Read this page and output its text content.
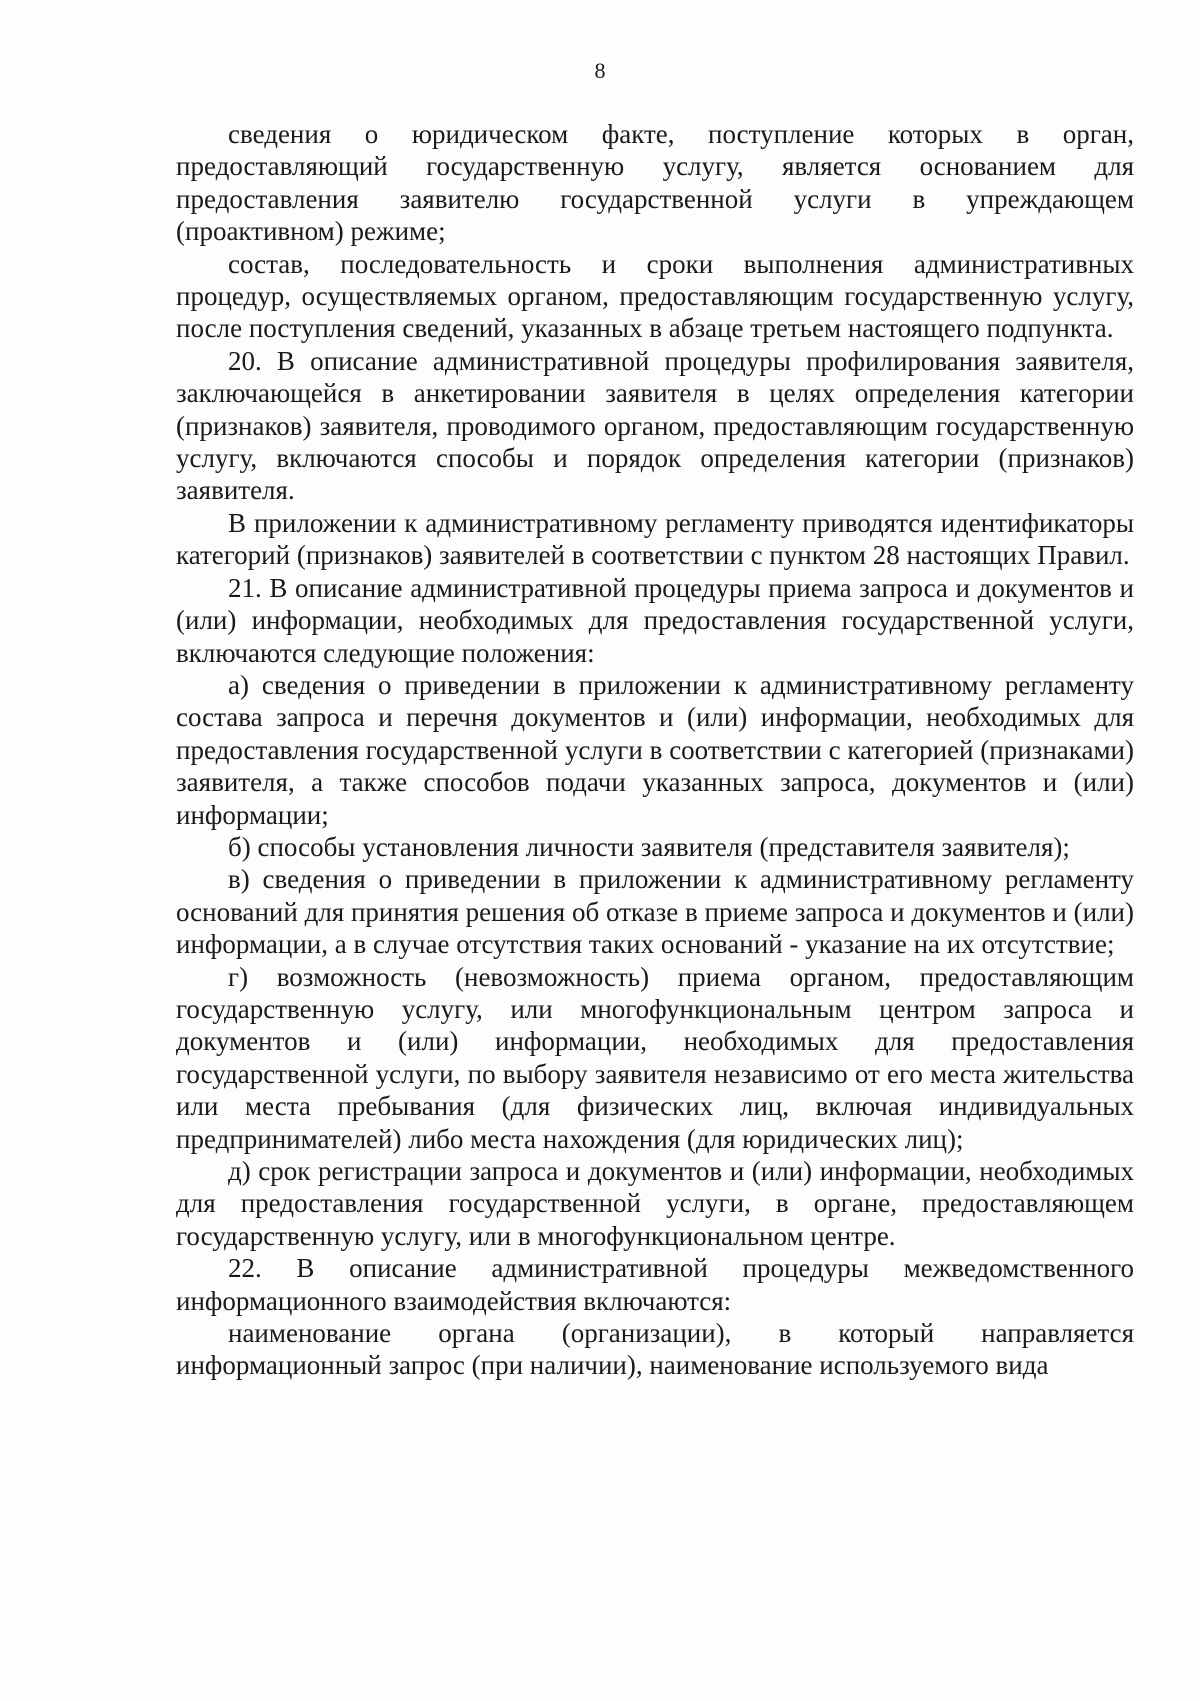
8

сведения о юридическом факте, поступление которых в орган, предоставляющий государственную услугу, является основанием для предоставления заявителю государственной услуги в упреждающем (проактивном) режиме;

состав, последовательность и сроки выполнения административных процедур, осуществляемых органом, предоставляющим государственную услугу, после поступления сведений, указанных в абзаце третьем настоящего подпункта.

20. В описание административной процедуры профилирования заявителя, заключающейся в анкетировании заявителя в целях определения категории (признаков) заявителя, проводимого органом, предоставляющим государственную услугу, включаются способы и порядок определения категории (признаков) заявителя.

В приложении к административному регламенту приводятся идентификаторы категорий (признаков) заявителей в соответствии с пунктом 28 настоящих Правил.

21. В описание административной процедуры приема запроса и документов и (или) информации, необходимых для предоставления государственной услуги, включаются следующие положения:

а) сведения о приведении в приложении к административному регламенту состава запроса и перечня документов и (или) информации, необходимых для предоставления государственной услуги в соответствии с категорией (признаками) заявителя, а также способов подачи указанных запроса, документов и (или) информации;

б) способы установления личности заявителя (представителя заявителя);

в) сведения о приведении в приложении к административному регламенту оснований для принятия решения об отказе в приеме запроса и документов и (или) информации, а в случае отсутствия таких оснований - указание на их отсутствие;

г) возможность (невозможность) приема органом, предоставляющим государственную услугу, или многофункциональным центром запроса и документов и (или) информации, необходимых для предоставления государственной услуги, по выбору заявителя независимо от его места жительства или места пребывания (для физических лиц, включая индивидуальных предпринимателей) либо места нахождения (для юридических лиц);

д) срок регистрации запроса и документов и (или) информации, необходимых для предоставления государственной услуги, в органе, предоставляющем государственную услугу, или в многофункциональном центре.

22. В описание административной процедуры межведомственного информационного взаимодействия включаются:

наименование органа (организации), в который направляется информационный запрос (при наличии), наименование используемого вида
